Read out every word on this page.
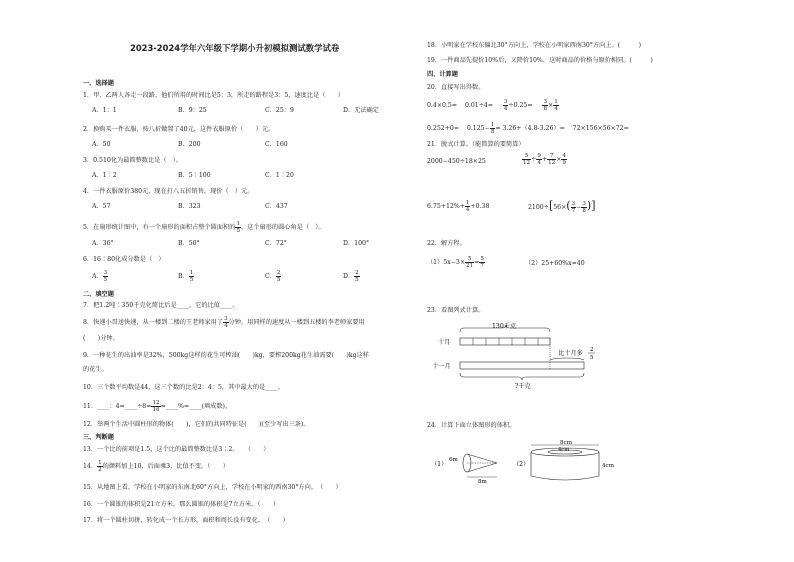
2023-2024学年六年级下学期小升初模拟测试数学试卷
一、选择题
1．甲、乙两人各走一段路，他们所用的时间比是5：3，所走的路程是3：5，速度比是（　　）
A．1：1	B．9：25	C．25：9	D．无法确定
2．换购买一件衣服，按八折做置了40元，这件衣服原价（　　）元。
A．50	B．200	C．160
3．0.510化为最简整数比是（　）。
A．1∶2	B．5∶100	C．1∶20
4．一件衣服原价380元，现在打八五折销售，现价（　）元。
A．57	B．323	C．437
5．在扇形统计图中，有一个扇形的面积占整个圆面积的 $\frac{1}{5}$ ，这个扇形的圆心角是（　）。
A．36°	B．50°	C．72°	D．100°
6．16∶80化成分数是（　）
A． $\frac{3}{5}$	B． $\frac{1}{5}$	C． $\frac{2}{5}$	D． $\frac{2}{5}$
二、填空题
7．把1.2吨∶350千克化简比后是____，它的比值____。
8．快递小哥送快递，从一楼到二楼的王老师家用了 $\frac{3}{4}$ 分钟，用同样的速度从一楼到五楼的李老师家要用
(　　)分钟。
9．一种花生的出油率是32%，500kg这样的花生可榨油(　　)kg，要榨200kg花生油需要(　　)kg这样
的花生。
10．三个数平均数是44，这三个数的比是2：4：5，其中最大的是____。
11．____：4=____÷8= $\frac{12}{16}$ =____%=____(填成数)。
12．举两个生活中圆柱形的物体(　　)，它们的共同特征是(　　)(至少写出三条)。
三、判断题
13．一个比的前项是1.5，这个比的最简整数比是3∶2。　　（　　）
14． $\frac{1}{2}$ 的颜料加上10，后面乘3，比值不变。（　　）
15．从地图上看，学校在小明家的东南北60°方向上，学校在小明家的西南30°方向。　（　　）
16．一个圆锥的体积是21立方米，那么圆锥的体积是7立方米。（　　）
17．将一个圆柱切拼，转化成一个长方形，面积和周长没有变化。　（　　）
18．小明家在学校东偏北30°方向上，学校在小明家西南30°方向上。(　　　)
19．一件商品先提价10%后，又降价10%，这时商品的价格与原价相同。(　　　)
四、计算题
20．直接写出得数。
$0.4\times 0.5= 0.01\div 4= \frac{3}{4} \div 0.25= \frac{3}{8} \times \frac{1}{4}$
$0.252+0= 0.125- \frac{1}{8} = 3.26+(4.8-3.26)= 72\times 156\times 56\times 72=$
21．脱式计算。（能简算的要简算）
2000−450÷18×25	$\frac{5}{12} \div \frac{9}{4} + \frac{7}{12} \times \frac{4}{9}$
$6.75+12\%+ \frac{1}{4} +0.38$	$2100\div[56\times( \frac{3}{7} - \frac{3}{8}$ )]
22．解方程。
$(1)5x-3\times \frac{5}{21} = \frac{5}{7}$	（2）25+60%x=40
23．看图列式计算。
130千克
十月
十一月
比十月多 2
5
?千克
24．计算下面立体图形的体积。
（1）
6m
8m
（2）
8cm
4cm
4cm
